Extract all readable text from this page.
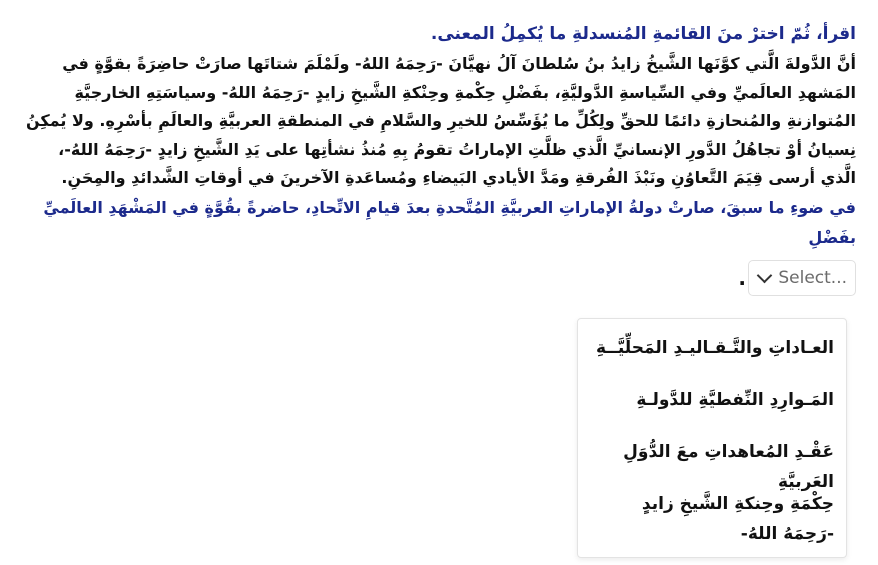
اقرأ، ثُمّ اخترْ منَ القائمةِ المُنسدلةِ ما يُكمِلُ المعنى.

أنَّ الدَّولةَ الَّتي كوَّنَها الشَّيخُ زايدُ بنُ سُلطانَ آلُ نهيَّانَ -رَحِمَهُ اللهُ- ولَمْلَمَ شتاتَها صارَتْ حاضِرَةً بقوَّةٍ في المَشهدِ العالَميِّ وفي السِّياسةِ الدَّوليَّةِ، بفَضْلِ حِكْمةِ وحِنْكةِ الشَّيخِ زايدٍ -رَحِمَهُ اللهُ- وسياسَتِهِ الخارجيَّةِ المُتوازنةِ والمُنحازةِ دائمًا للحقِّ ولِكُلِّ ما يُؤَسِّسُ للخيرِ والسَّلامِ في المنطقةِ العربيَّةِ والعالَمِ بأسْرِهِ. ولا يُمكِنُ نِسيانُ أوْ تجاهُلُ الدَّورِ الإنسانيِّ الَّذي ظلَّتِ الإماراتُ تقومُ بِهِ مُنذُ نشأتِها على يَدِ الشَّيخِ زايدٍ -رَحِمَهُ اللهُ-، الَّذي أرسى قِيَمَ التَّعاوُنِ ونَبْذَ الفُرقةِ ومَدَّ الأيادي البَيضاءِ ومُساعَدةِ الآخرينَ في أوقاتِ الشَّدائدِ والمِحَنِ.

في ضوءِ ما سبقَ، صارتْ دولةُ الإماراتِ العربيَّةِ المُتَّحدةِ بعدَ قيامِ الاتِّحادِ، حاضرةً بقُوَّةٍ في المَشْهَدِ العالَميِّ بفَضْلِ

Select...
.
العـاداتِ والتَّـقـاليـدِ المَحلِّيَّــةِ
المَـوارِدِ النِّفطيَّةِ للدَّولـةِ
عَقْـدِ المُعاهداتِ معَ الدُّوَلِ العَربيَّةِ
حِكْمَةِ وحِنكةِ الشَّيخِ زايدٍ -رَحِمَهُ اللهُ-
